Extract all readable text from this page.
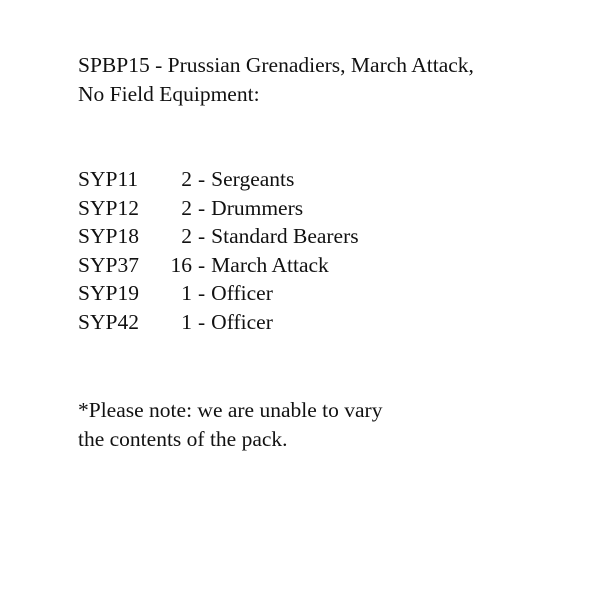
SPBP15 - Prussian Grenadiers, March Attack,
No Field Equipment:
SYP11	2 - Sergeants
SYP12	2 - Drummers
SYP18	2 - Standard Bearers
SYP37	16 - March Attack
SYP19	1 - Officer
SYP42	1 - Officer

*Please note: we are unable to vary
the contents of the pack.
